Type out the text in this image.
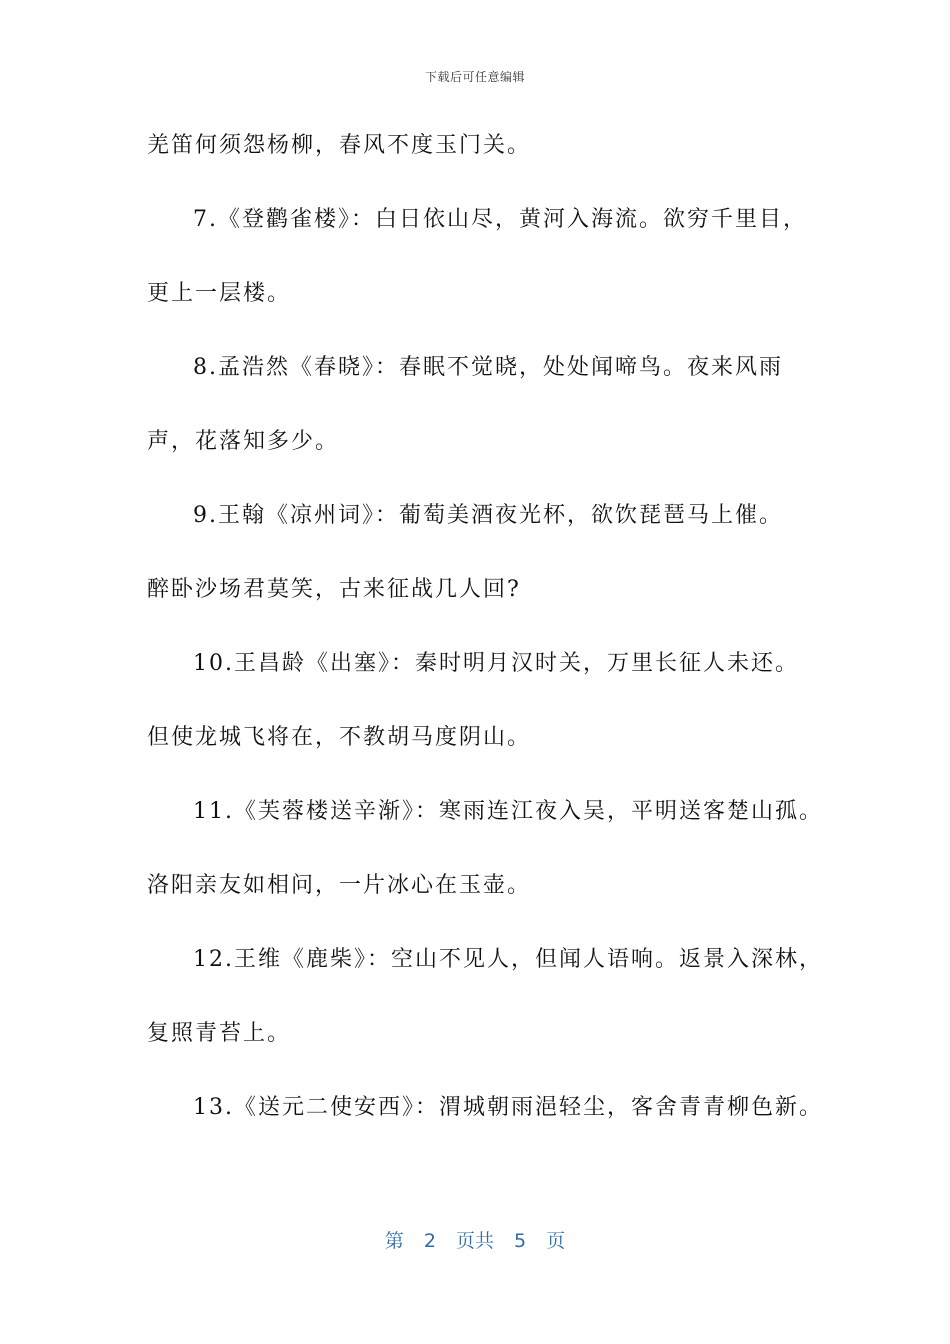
下载后可任意编辑
羌笛何须怨杨柳，春风不度玉门关。
7.《登鹳雀楼》：白日依山尽，黄河入海流。欲穷千里目，
更上一层楼。
8.孟浩然《春晓》：春眠不觉晓，处处闻啼鸟。夜来风雨
声，花落知多少。
9.王翰《凉州词》：葡萄美酒夜光杯，欲饮琵琶马上催。
醉卧沙场君莫笑，古来征战几人回?
10.王昌龄《出塞》：秦时明月汉时关，万里长征人未还。
但使龙城飞将在，不教胡马度阴山。
11.《芙蓉楼送辛渐》：寒雨连江夜入吴，平明送客楚山孤。
洛阳亲友如相问，一片冰心在玉壶。
12.王维《鹿柴》：空山不见人，但闻人语响。返景入深林，
复照青苔上。
13.《送元二使安西》：渭城朝雨浥轻尘，客舍青青柳色新。
第 2 页共 5 页
